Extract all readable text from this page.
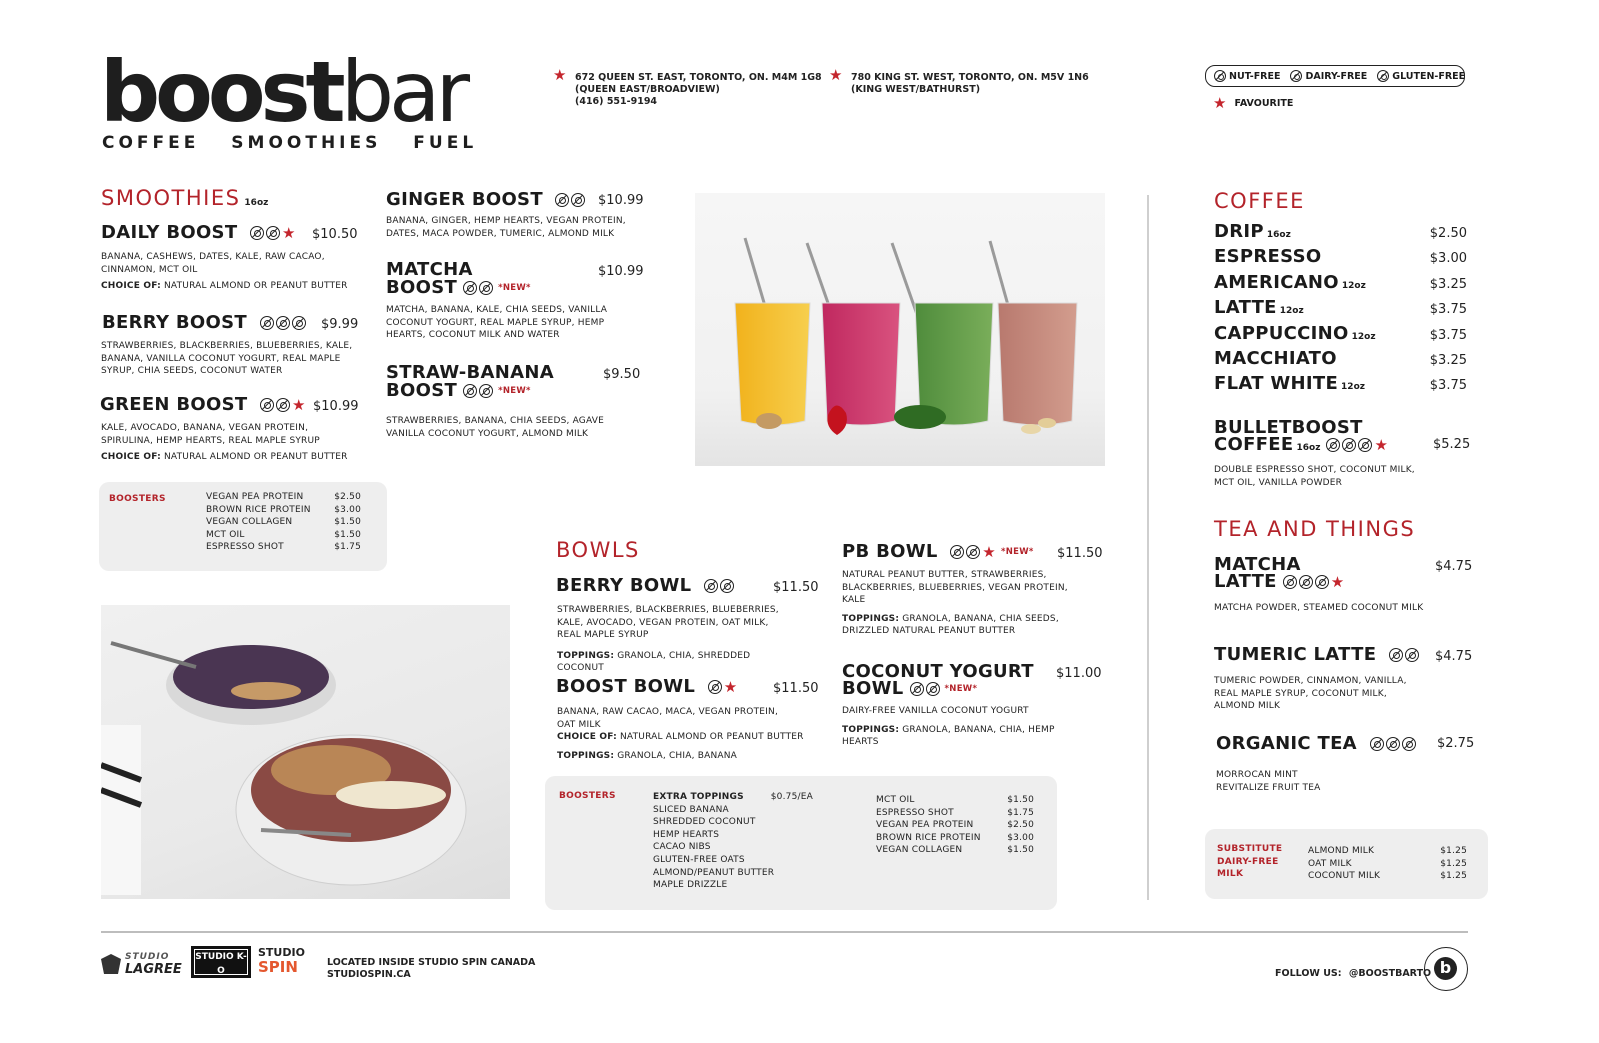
boostbar
COFFEE SMOOTHIES FUEL
★ 672 QUEEN ST. EAST, TORONTO, ON. M4M 1G8
(QUEEN EAST/BROADVIEW)
(416) 551-9194
★ 780 KING ST. WEST, TORONTO, ON. M5V 1N6
(KING WEST/BATHURST)
NUT-FREE	DAIRY-FREE	GLUTEN-FREE
★ FAVOURITE
SMOOTHIES 16oz
DAILY BOOST	★ $10.50
BANANA, CASHEWS, DATES, KALE, RAW CACAO, CINNAMON, MCT OIL
CHOICE OF: NATURAL ALMOND OR PEANUT BUTTER
BERRY BOOST	$9.99
STRAWBERRIES, BLACKBERRIES, BLUEBERRIES, KALE, BANANA, VANILLA COCONUT YOGURT, REAL MAPLE SYRUP, CHIA SEEDS, COCONUT WATER
GREEN BOOST	★ $10.99
KALE, AVOCADO, BANANA, VEGAN PROTEIN, SPIRULINA, HEMP HEARTS, REAL MAPLE SYRUP
CHOICE OF: NATURAL ALMOND OR PEANUT BUTTER
GINGER BOOST	$10.99
BANANA, GINGER, HEMP HEARTS, VEGAN PROTEIN, DATES, MACA POWDER, TUMERIC, ALMOND MILK
MATCHA
BOOST	*NEW*
$10.99
MATCHA, BANANA, KALE, CHIA SEEDS, VANILLA COCONUT YOGURT, REAL MAPLE SYRUP, HEMP HEARTS, COCONUT MILK AND WATER
STRAW-BANANA
BOOST	*NEW*
$9.50
STRAWBERRIES, BANANA, CHIA SEEDS, AGAVE VANILLA COCONUT YOGURT, ALMOND MILK
BOOSTERS	VEGAN PEA PROTEIN	$2.50
BROWN RICE PROTEIN	$3.00
VEGAN COLLAGEN	$1.50
MCT OIL	$1.50
ESPRESSO SHOT	$1.75	BOWLS
BERRY BOWL	$11.50
STRAWBERRIES, BLACKBERRIES, BLUEBERRIES, KALE, AVOCADO, VEGAN PROTEIN, OAT MILK, REAL MAPLE SYRUP
TOPPINGS: GRANOLA, CHIA, SHREDDED COCONUT
BOOST BOWL ★	$11.50
BANANA, RAW CACAO, MACA, VEGAN PROTEIN, OAT MILK
CHOICE OF: NATURAL ALMOND OR PEANUT BUTTER
TOPPINGS: GRANOLA, CHIA, BANANA
PB BOWL	★ *NEW* $11.50
NATURAL PEANUT BUTTER, STRAWBERRIES, BLACKBERRIES, BLUEBERRIES, VEGAN PROTEIN, KALE
TOPPINGS: GRANOLA, BANANA, CHIA SEEDS, DRIZZLED NATURAL PEANUT BUTTER
COCONUT YOGURT
BOWL	*NEW*
$11.00
DAIRY-FREE VANILLA COCONUT YOGURT
TOPPINGS: GRANOLA, BANANA, CHIA, HEMP HEARTS
BOOSTERS	EXTRA TOPPINGS	$0.75/EA
SLICED BANANA
SHREDDED COCONUT
HEMP HEARTS
CACAO NIBS
GLUTEN-FREE OATS
ALMOND/PEANUT BUTTER
MAPLE DRIZZLE
MCT OIL	$1.50
ESPRESSO SHOT	$1.75
VEGAN PEA PROTEIN	$2.50
BROWN RICE PROTEIN	$3.00
VEGAN COLLAGEN	$1.50
COFFEE
DRIP 16oz	$2.50
ESPRESSO	$3.00
AMERICANO 12oz	$3.25
LATTE 12oz	$3.75
CAPPUCCINO 12oz	$3.75
MACCHIATO	$3.25
FLAT WHITE 12oz	$3.75
BULLETBOOST
COFFEE 16oz	★	$5.25
DOUBLE ESPRESSO SHOT, COCONUT MILK, MCT OIL, VANILLA POWDER
TEA AND THINGS
MATCHA
LATTE	★
$4.75
MATCHA POWDER, STEAMED COCONUT MILK
TUMERIC LATTE	$4.75
TUMERIC POWDER, CINNAMON, VANILLA, REAL MAPLE SYRUP, COCONUT MILK, ALMOND MILK
ORGANIC TEA	$2.75
MORROCAN MINT
REVITALIZE FRUIT TEA
SUBSTITUTE
DAIRY-FREE
MILK
ALMOND MILK	$1.25
OAT MILK	$1.25
COCONUT MILK	$1.25
STUDIO
LAGREE
STUDIO K-O
AUTHENTIC BOX FIT
STUDIO
SPIN	LOCATED INSIDE STUDIO SPIN CANADA
STUDIOSPIN.CA	FOLLOW US: @BOOSTBARTO b
